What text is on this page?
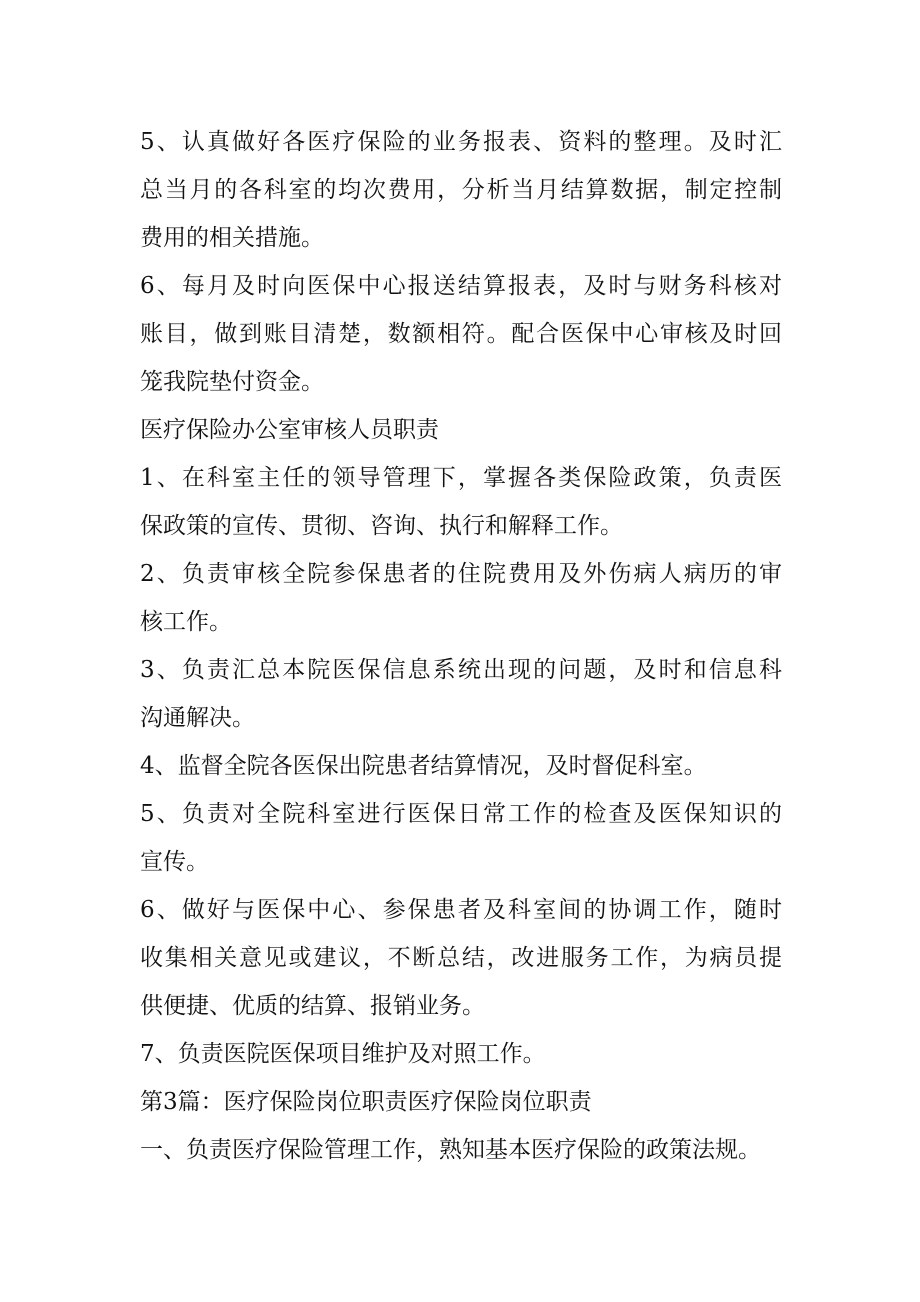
5、认真做好各医疗保险的业务报表、资料的整理。及时汇
总当月的各科室的均次费用，分析当月结算数据，制定控制
费用的相关措施。
6、每月及时向医保中心报送结算报表，及时与财务科核对
账目，做到账目清楚，数额相符。配合医保中心审核及时回
笼我院垫付资金。
医疗保险办公室审核人员职责
1、在科室主任的领导管理下，掌握各类保险政策，负责医
保政策的宣传、贯彻、咨询、执行和解释工作。
2、负责审核全院参保患者的住院费用及外伤病人病历的审
核工作。
3、负责汇总本院医保信息系统出现的问题，及时和信息科
沟通解决。
4、监督全院各医保出院患者结算情况，及时督促科室。
5、负责对全院科室进行医保日常工作的检查及医保知识的
宣传。
6、做好与医保中心、参保患者及科室间的协调工作，随时
收集相关意见或建议，不断总结，改进服务工作，为病员提
供便捷、优质的结算、报销业务。
7、负责医院医保项目维护及对照工作。
第3篇：医疗保险岗位职责医疗保险岗位职责
一、负责医疗保险管理工作，熟知基本医疗保险的政策法规。
